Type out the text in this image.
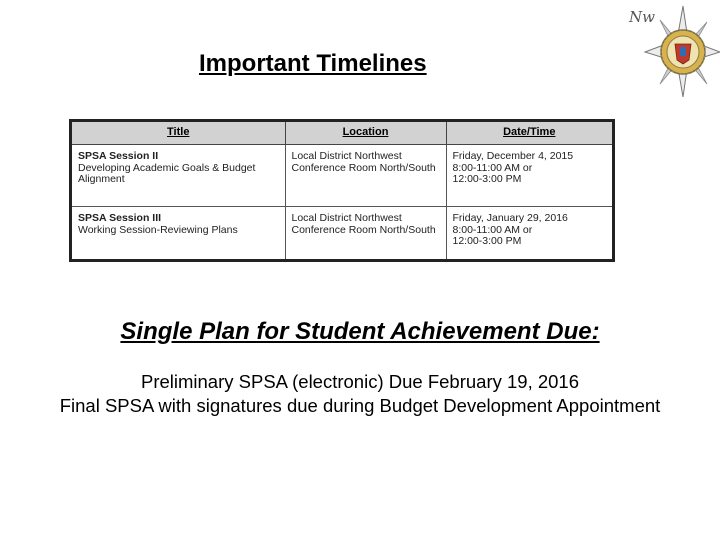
Important Timelines
Nw
Title	Location	Date/Time

SPSA Session II
Developing Academic Goals & Budget
Alignment	Local District Northwest
Conference Room North/South	Friday, December 4, 2015
8:00-11:00 AM or
12:00-3:00 PM

SPSA Session III
Working Session-Reviewing Plans	Local District Northwest
Conference Room North/South	Friday, January 29, 2016
8:00-11:00 AM or
12:00-3:00 PM
Single Plan for Student Achievement Due:
Preliminary SPSA (electronic) Due February 19, 2016
Final SPSA with signatures due during Budget Development Appointment
